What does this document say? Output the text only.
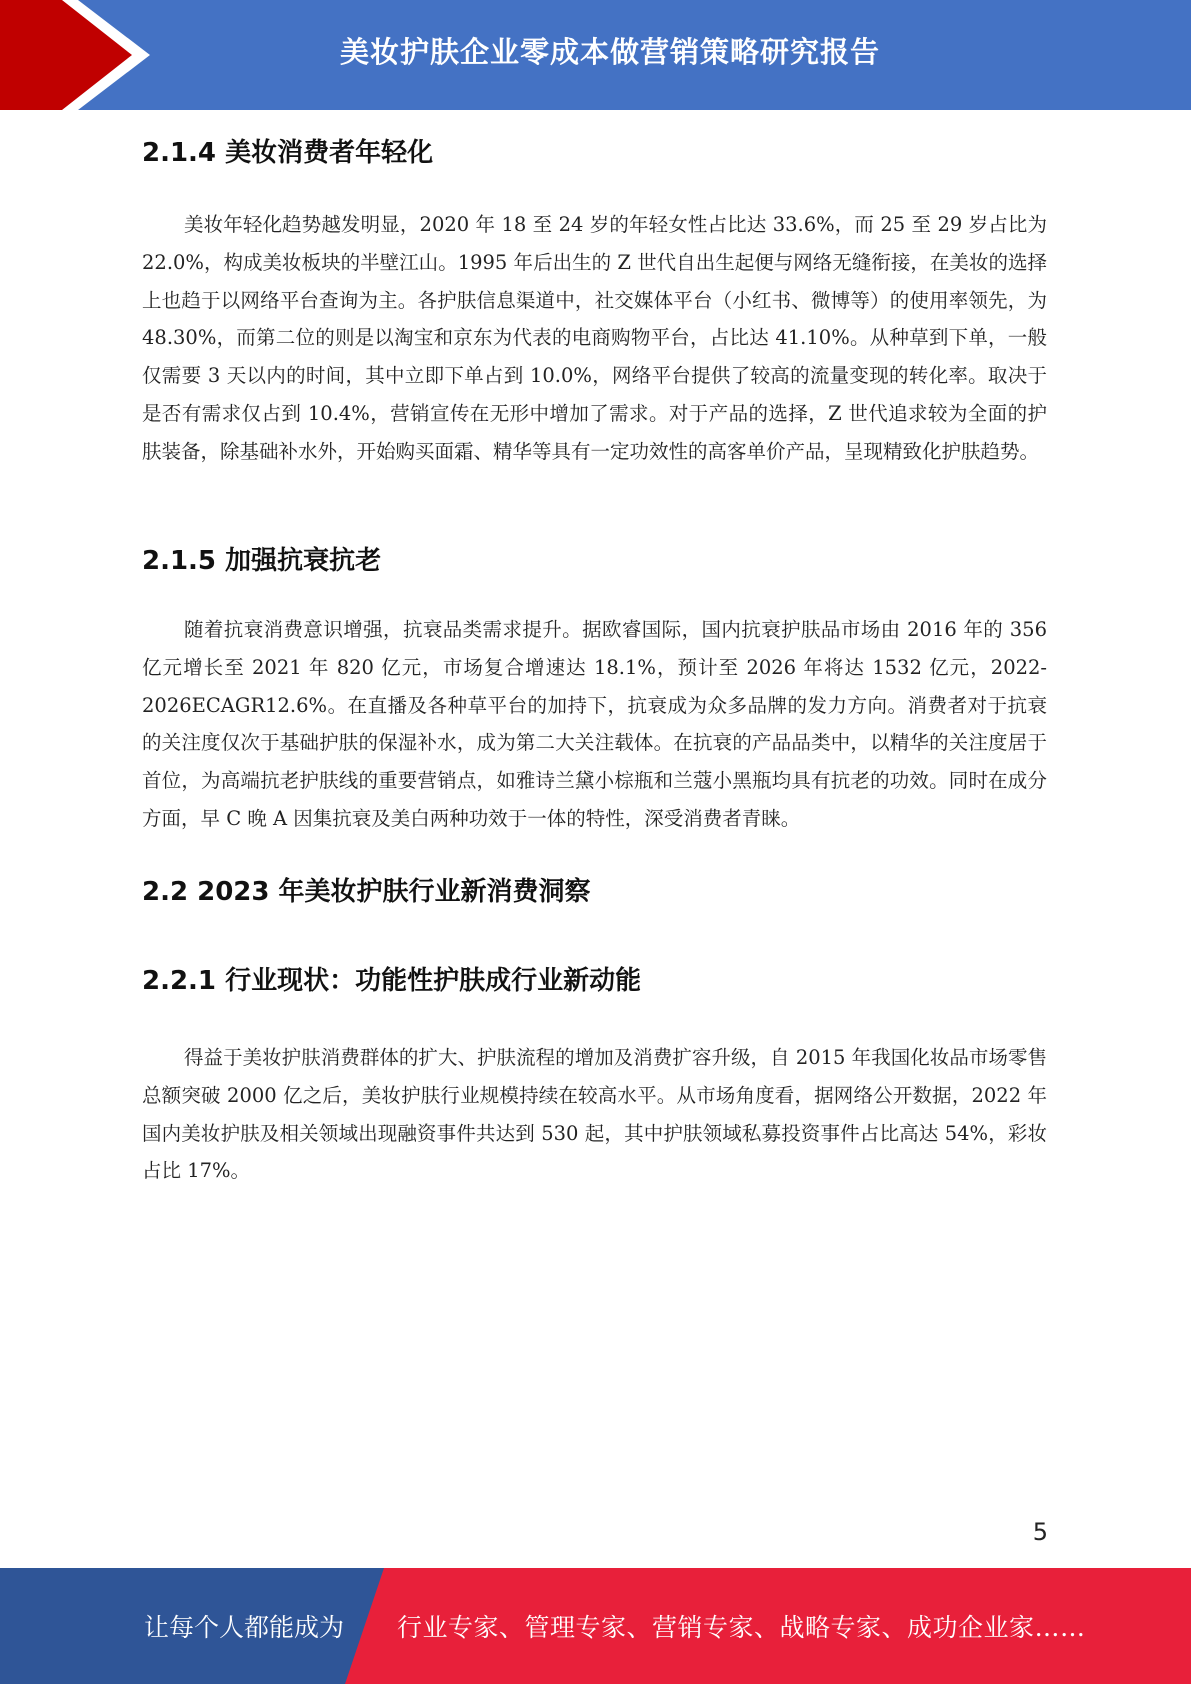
美妆护肤企业零成本做营销策略研究报告
2.1.4 美妆消费者年轻化
美妆年轻化趋势越发明显，2020 年 18 至 24 岁的年轻女性占比达 33.6%，而 25 至 29 岁占比为 22.0%，构成美妆板块的半壁江山。1995 年后出生的 Z 世代自出生起便与网络无缝衔接，在美妆的选择上也趋于以网络平台查询为主。各护肤信息渠道中，社交媒体平台（小红书、微博等）的使用率领先，为 48.30%，而第二位的则是以淘宝和京东为代表的电商购物平台，占比达 41.10%。从种草到下单，一般仅需要 3 天以内的时间，其中立即下单占到 10.0%，网络平台提供了较高的流量变现的转化率。取决于是否有需求仅占到 10.4%，营销宣传在无形中增加了需求。对于产品的选择，Z 世代追求较为全面的护肤装备，除基础补水外，开始购买面霜、精华等具有一定功效性的高客单价产品，呈现精致化护肤趋势。
2.1.5 加强抗衰抗老
随着抗衰消费意识增强，抗衰品类需求提升。据欧睿国际，国内抗衰护肤品市场由 2016 年的 356 亿元增长至 2021 年 820 亿元，市场复合增速达 18.1%，预计至 2026 年将达 1532 亿元，2022-2026ECAGR12.6%。在直播及各种草平台的加持下，抗衰成为众多品牌的发力方向。消费者对于抗衰的关注度仅次于基础护肤的保湿补水，成为第二大关注载体。在抗衰的产品品类中，以精华的关注度居于首位，为高端抗老护肤线的重要营销点，如雅诗兰黛小棕瓶和兰蔻小黑瓶均具有抗老的功效。同时在成分方面，早 C 晚 A 因集抗衰及美白两种功效于一体的特性，深受消费者青睐。
2.2 2023 年美妆护肤行业新消费洞察
2.2.1 行业现状：功能性护肤成行业新动能
得益于美妆护肤消费群体的扩大、护肤流程的增加及消费扩容升级，自 2015 年我国化妆品市场零售总额突破 2000 亿之后，美妆护肤行业规模持续在较高水平。从市场角度看，据网络公开数据，2022 年国内美妆护肤及相关领域出现融资事件共达到 530 起，其中护肤领域私募投资事件占比高达 54%，彩妆占比 17%。
5
让每个人都能成为 行业专家、管理专家、营销专家、战略专家、成功企业家……
